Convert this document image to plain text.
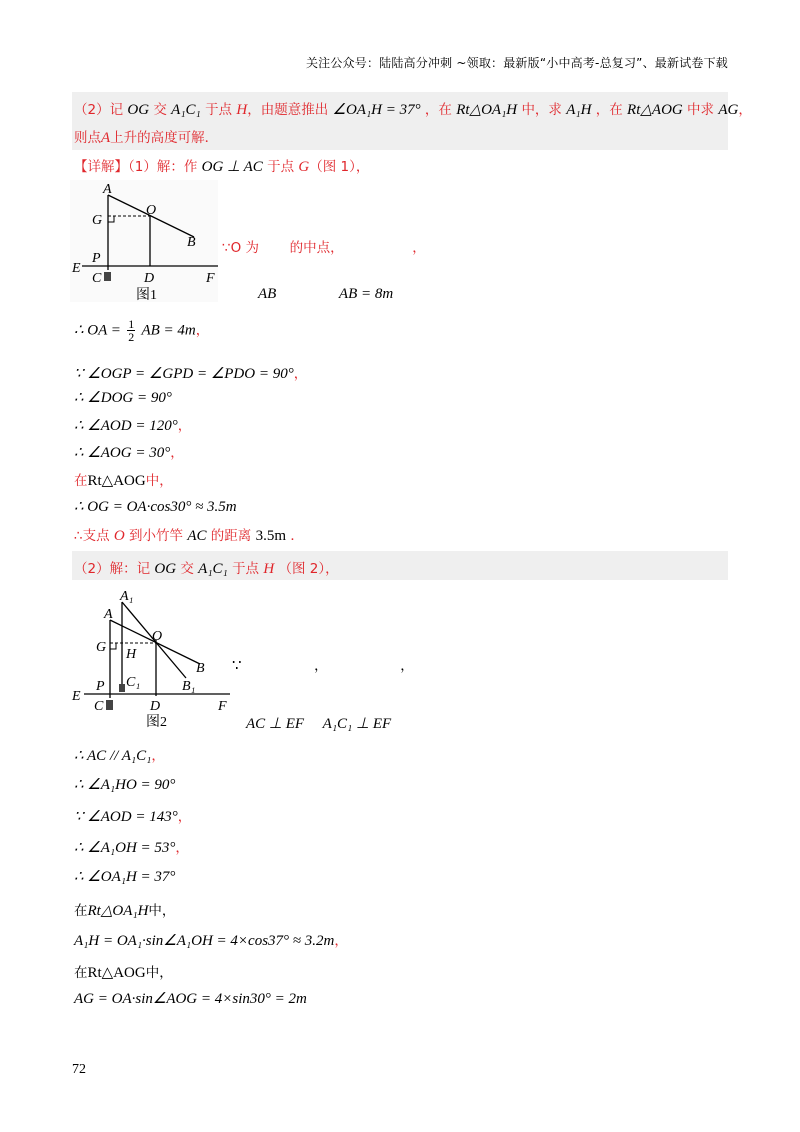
关注公众号：陆陆高分冲刺 ~领取：最新版“小中高考-总复习”、最新试卷下载
（2）记 OG 交 A₁C₁ 于点 H，由题意推出 ∠OA₁H = 37° ，在 Rt△OA₁H 中，求 A₁H ，在 Rt△AOG 中求 AG，
则点A上升的高度可解．
【详解】（1）解：作 OG ⊥ AC 于点 G（图 1），
A
G
O
B
P
E
C	D	F
图1
∵O 为 的中点，	，
AB	AB = 8m
∴ OA = $\frac{1}{2}$ AB = 4m，
∵ ∠OGP = ∠GPD = ∠PDO = 90°，
∴ ∠DOG = 90°
∴ ∠AOD = 120°，
∴ ∠AOG = 30°，
在Rt△AOG中，
∴ OG = OA·cos30° ≈ 3.5m
∴支点 O 到小竹竿 AC 的距离 3.5m ．
（2）解：记 OG 交 A₁C₁ 于点 H （图 2），
A₁
A
O
G H
B
B₁
P C₁
E
C	D	F
图2
∵	，	，
AC ⊥ EF A₁C₁ ⊥ EF
∴ AC // A₁C₁，
∴ ∠A₁HO = 90°
∵ ∠AOD = 143°，
∴ ∠A₁OH = 53°，
∴ ∠OA₁H = 37°
在Rt△OA₁H中，
A₁H = OA₁·sin∠A₁OH = 4×cos37° ≈ 3.2m，
在Rt△AOG中，
AG = OA·sin∠AOG = 4×sin30° = 2m
72
